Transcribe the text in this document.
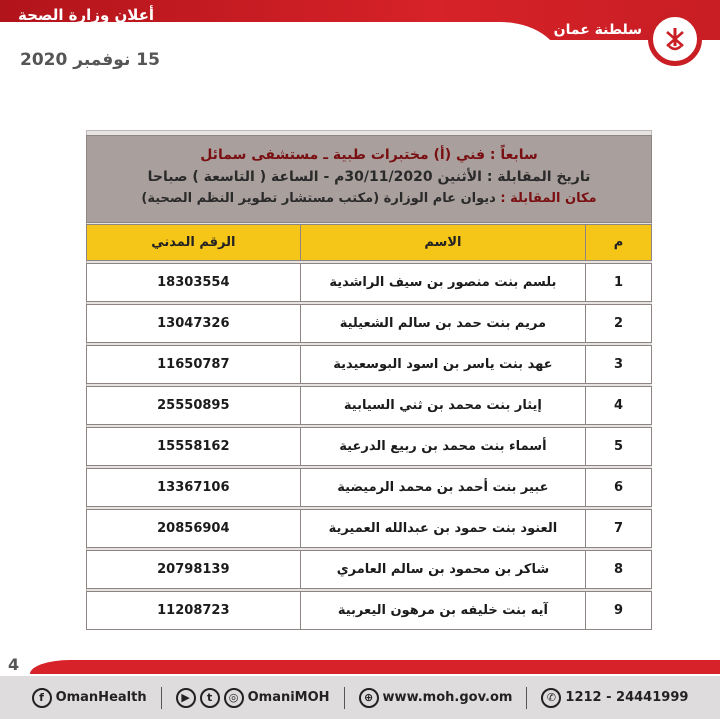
أعلان وزارة الصحة
15 نوفمبر 2020
سلطنة عمان
وزارة الصحة
سابعاً : فني (أ) مختبرات طبية ـ مستشفى سمائل
تاريخ المقابلة : الأثنين 30/11/2020م - الساعة ( التاسعة ) صباحا
مكان المقابلة : ديوان عام الوزارة (مكتب مستشار تطوير النظم الصحية)
م	الاسم	الرقم المدني

1	بلسم بنت منصور بن سيف الراشدية	18303554

2	مريم بنت حمد بن سالم الشعيلية	13047326

3	عهد بنت ياسر بن اسود البوسعيدية	11650787

4	إيثار بنت محمد بن ثني السيابية	25550895

5	أسماء بنت محمد بن ربيع الدرعية	15558162

6	عبير بنت أحمد بن محمد الرميضية	13367106

7	العنود بنت حمود بن عبدالله العميرية	20856904

8	شاكر بن محمود بن سالم العامري	20798139

9	آيه بنت خليفه بن مرهون اليعربية	11208723
4
f OmanHealth	▶	t	◎ OmaniMOH	⊕ www.moh.gov.om	✆ 1212 - 24441999
